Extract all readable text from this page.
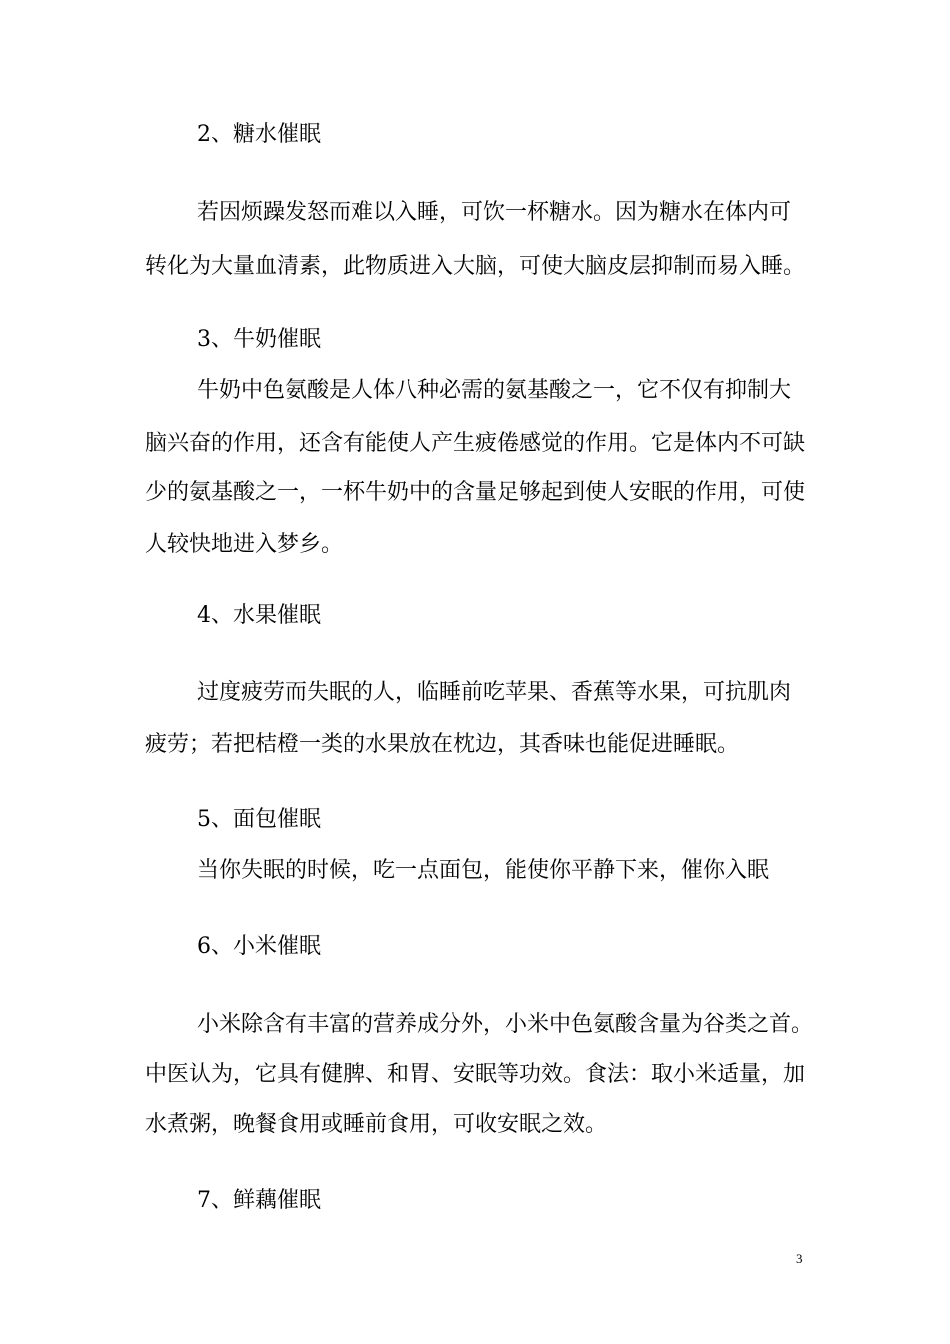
2、糖水催眠
若因烦躁发怒而难以入睡，可饮一杯糖水。因为糖水在体内可
转化为大量血清素，此物质进入大脑，可使大脑皮层抑制而易入睡。
3、牛奶催眠
牛奶中色氨酸是人体八种必需的氨基酸之一，它不仅有抑制大
脑兴奋的作用，还含有能使人产生疲倦感觉的作用。它是体内不可缺
少的氨基酸之一，一杯牛奶中的含量足够起到使人安眠的作用，可使
人较快地进入梦乡。
4、水果催眠
过度疲劳而失眠的人，临睡前吃苹果、香蕉等水果，可抗肌肉
疲劳；若把桔橙一类的水果放在枕边，其香味也能促进睡眠。
5、面包催眠
当你失眠的时候，吃一点面包，能使你平静下来，催你入眠
6、小米催眠
小米除含有丰富的营养成分外，小米中色氨酸含量为谷类之首。
中医认为，它具有健脾、和胃、安眠等功效。食法：取小米适量，加
水煮粥，晚餐食用或睡前食用，可收安眠之效。
7、鲜藕催眠
3
